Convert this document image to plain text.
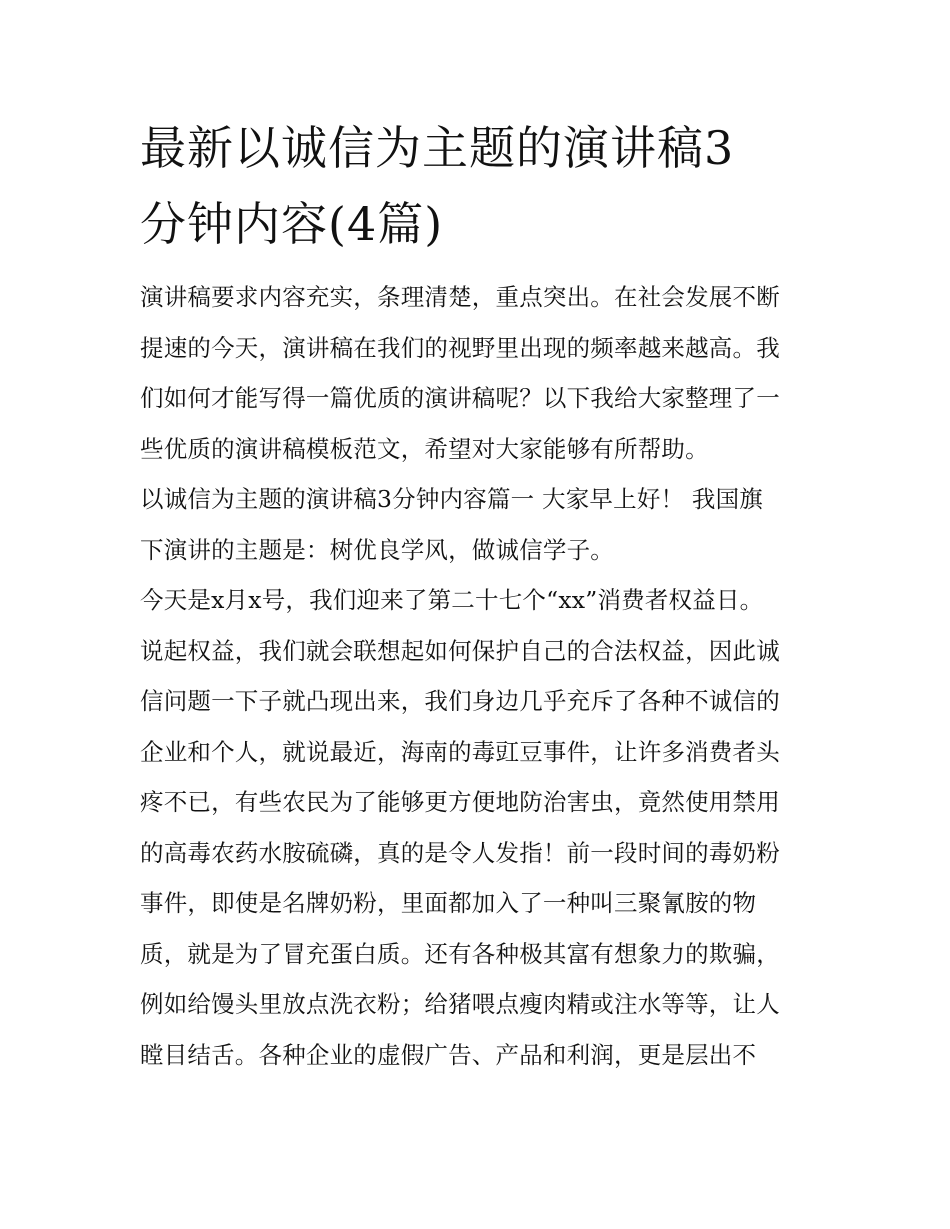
最新以诚信为主题的演讲稿3
分钟内容(4篇)
演讲稿要求内容充实，条理清楚，重点突出。在社会发展不断
提速的今天，演讲稿在我们的视野里出现的频率越来越高。我
们如何才能写得一篇优质的演讲稿呢？以下我给大家整理了一
些优质的演讲稿模板范文，希望对大家能够有所帮助。
以诚信为主题的演讲稿3分钟内容篇一 大家早上好！ 我国旗
下演讲的主题是：树优良学风，做诚信学子。
今天是x月x号，我们迎来了第二十七个“xx”消费者权益日。
说起权益，我们就会联想起如何保护自己的合法权益，因此诚
信问题一下子就凸现出来，我们身边几乎充斥了各种不诚信的
企业和个人，就说最近，海南的毒豇豆事件，让许多消费者头
疼不已，有些农民为了能够更方便地防治害虫，竟然使用禁用
的高毒农药水胺硫磷，真的是令人发指！前一段时间的毒奶粉
事件，即使是名牌奶粉，里面都加入了一种叫三聚氰胺的物
质，就是为了冒充蛋白质。还有各种极其富有想象力的欺骗，
例如给馒头里放点洗衣粉；给猪喂点瘦肉精或注水等等，让人
瞠目结舌。各种企业的虚假广告、产品和利润，更是层出不
